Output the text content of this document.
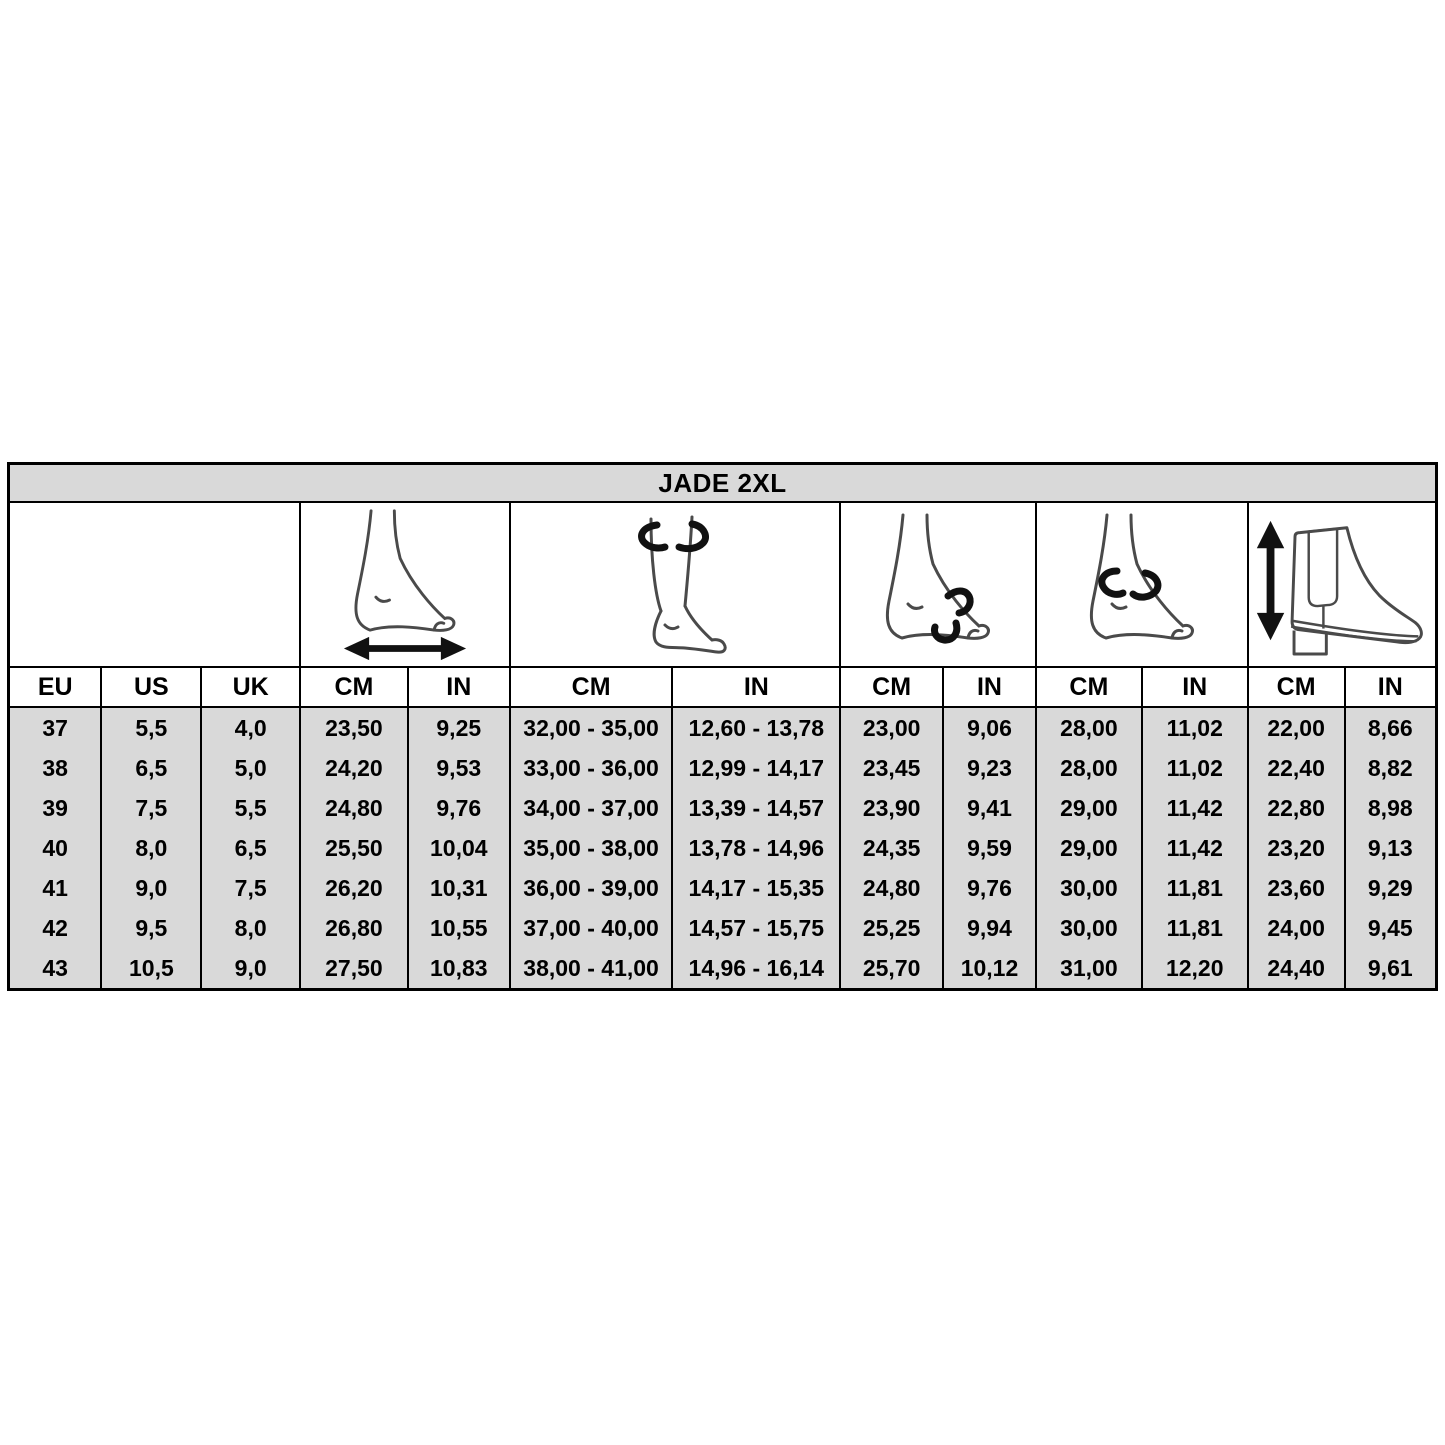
JADE 2XL												

EU	US	UK	CM	IN	CM	IN	CM	IN	CM	IN	CM	IN
37	5,5	4,0	23,50	9,25	32,00 - 35,00	12,60 - 13,78	23,00	9,06	28,00	11,02	22,00	8,66
38	6,5	5,0	24,20	9,53	33,00 - 36,00	12,99 - 14,17	23,45	9,23	28,00	11,02	22,40	8,82
39	7,5	5,5	24,80	9,76	34,00 - 37,00	13,39 - 14,57	23,90	9,41	29,00	11,42	22,80	8,98
40	8,0	6,5	25,50	10,04	35,00 - 38,00	13,78 - 14,96	24,35	9,59	29,00	11,42	23,20	9,13
41	9,0	7,5	26,20	10,31	36,00 - 39,00	14,17 - 15,35	24,80	9,76	30,00	11,81	23,60	9,29
42	9,5	8,0	26,80	10,55	37,00 - 40,00	14,57 - 15,75	25,25	9,94	30,00	11,81	24,00	9,45
43	10,5	9,0	27,50	10,83	38,00 - 41,00	14,96 - 16,14	25,70	10,12	31,00	12,20	24,40	9,61
